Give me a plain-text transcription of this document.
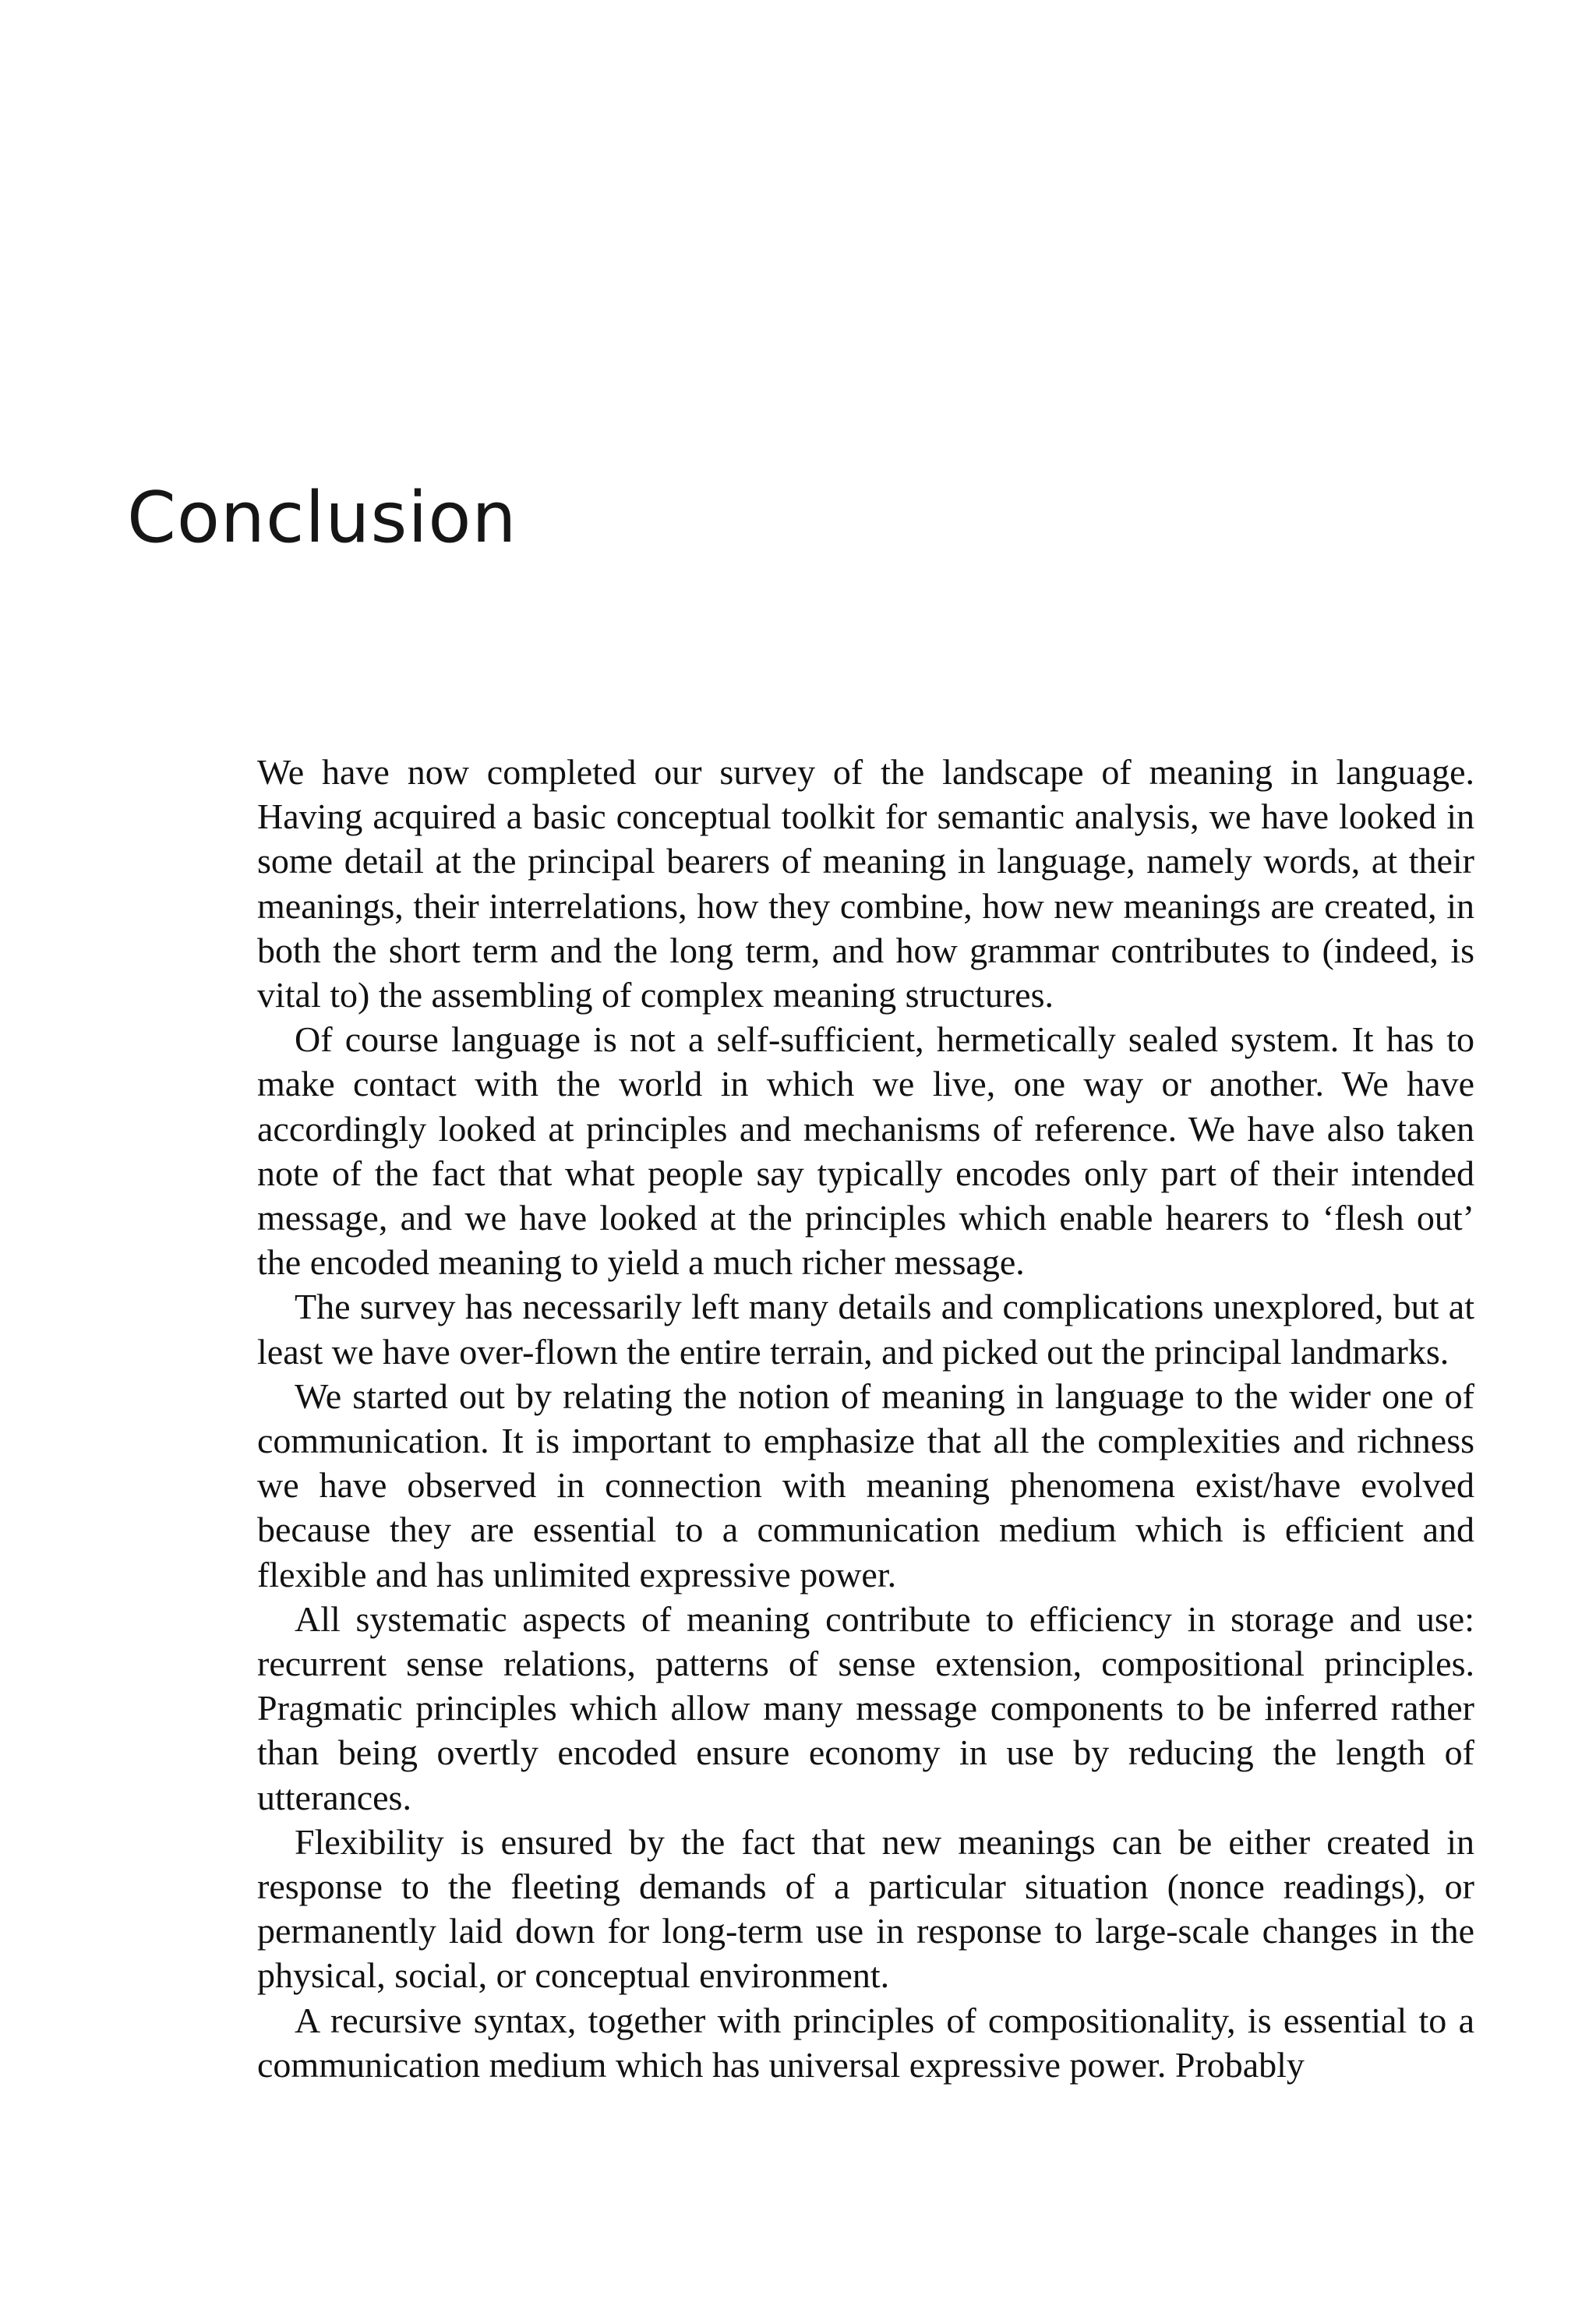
Conclusion

We have now completed our survey of the landscape of meaning in language. Having acquired a basic conceptual toolkit for semantic analysis, we have looked in some detail at the principal bearers of meaning in language, namely words, at their meanings, their interrelations, how they combine, how new meanings are created, in both the short term and the long term, and how grammar contributes to (indeed, is vital to) the assembling of complex meaning structures.

Of course language is not a self-sufficient, hermetically sealed system. It has to make contact with the world in which we live, one way or another. We have accordingly looked at principles and mechanisms of reference. We have also taken note of the fact that what people say typically encodes only part of their intended message, and we have looked at the principles which enable hearers to ‘flesh out’ the encoded meaning to yield a much richer message.

The survey has necessarily left many details and complications unexplored, but at least we have over-flown the entire terrain, and picked out the principal landmarks.

We started out by relating the notion of meaning in language to the wider one of communication. It is important to emphasize that all the complexities and richness we have observed in connection with meaning phenomena exist/have evolved because they are essential to a communication medium which is efficient and flexible and has unlimited expressive power.

All systematic aspects of meaning contribute to efficiency in storage and use: recurrent sense relations, patterns of sense extension, compositional principles. Pragmatic principles which allow many message components to be inferred rather than being overtly encoded ensure economy in use by reducing the length of utterances.

Flexibility is ensured by the fact that new meanings can be either created in response to the fleeting demands of a particular situation (nonce readings), or permanently laid down for long-term use in response to large-scale changes in the physical, social, or conceptual environment.

A recursive syntax, together with principles of compositionality, is essential to a communication medium which has universal expressive power. Probably
